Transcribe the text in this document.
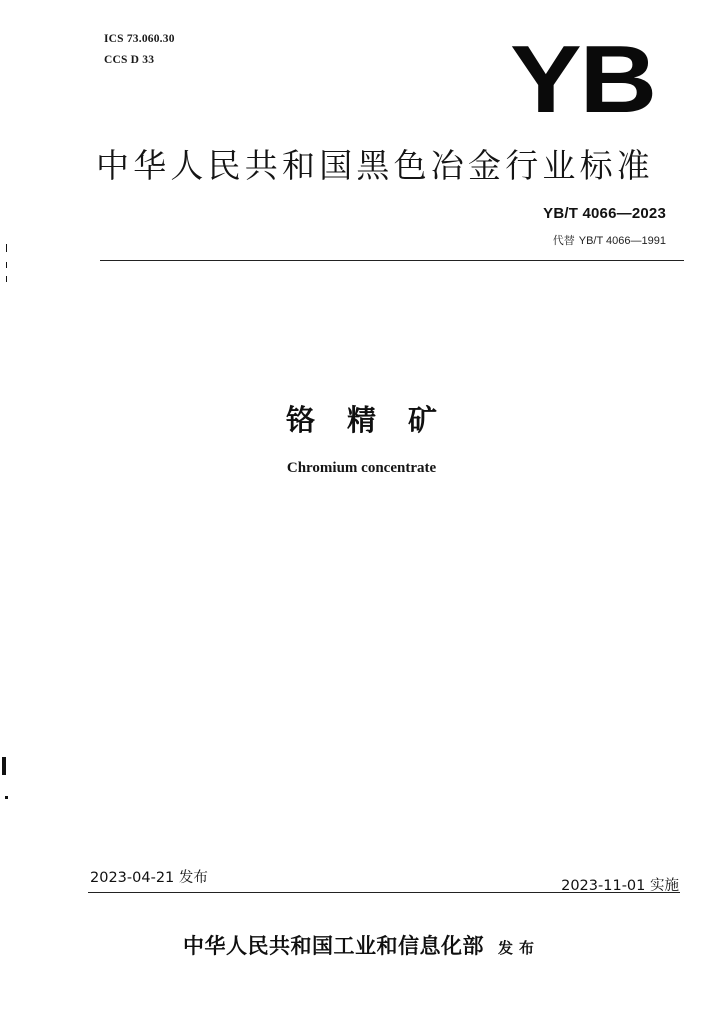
ICS 73.060.30
CCS D 33	YB
中华人民共和国黑色冶金行业标准
YB/T 4066—2023
代替 YB/T 4066—1991
铬精矿
Chromium concentrate
2023-04-21 发布	2023-11-01 实施
中华人民共和国工业和信息化部 发布
